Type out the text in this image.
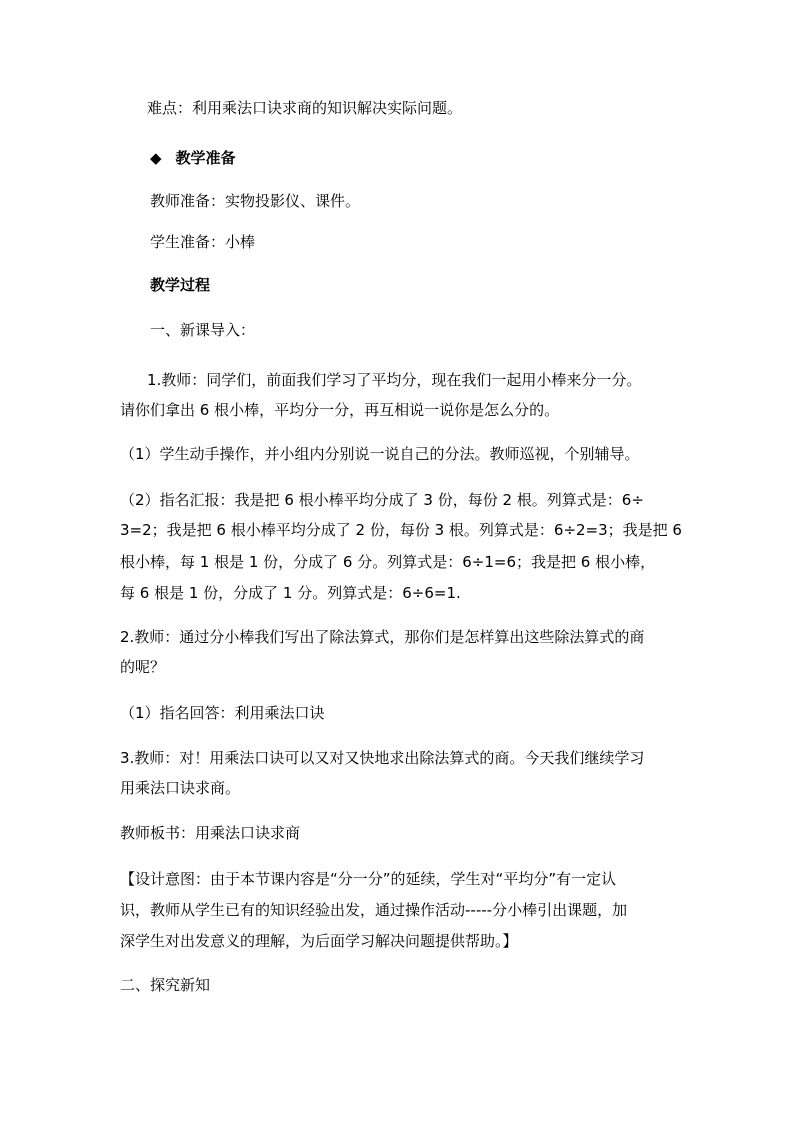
难点：利用乘法口诀求商的知识解决实际问题。
◆ 教学准备
教师准备：实物投影仪、课件。
学生准备：小棒
教学过程
一、新课导入：
1.教师：同学们，前面我们学习了平均分，现在我们一起用小棒来分一分。
请你们拿出 6 根小棒，平均分一分，再互相说一说你是怎么分的。
（1）学生动手操作，并小组内分别说一说自己的分法。教师巡视，个别辅导。
（2）指名汇报：我是把 6 根小棒平均分成了 3 份，每份 2 根。列算式是：6÷
3=2；我是把 6 根小棒平均分成了 2 份，每份 3 根。列算式是：6÷2=3；我是把 6
根小棒，每 1 根是 1 份，分成了 6 分。列算式是：6÷1=6；我是把 6 根小棒，
每 6 根是 1 份，分成了 1 分。列算式是：6÷6=1.
2.教师：通过分小棒我们写出了除法算式，那你们是怎样算出这些除法算式的商
的呢？
（1）指名回答：利用乘法口诀
3.教师：对！用乘法口诀可以又对又快地求出除法算式的商。今天我们继续学习
用乘法口诀求商。
教师板书：用乘法口诀求商
【设计意图：由于本节课内容是“分一分”的延续，学生对“平均分”有一定认
识，教师从学生已有的知识经验出发，通过操作活动-----分小棒引出课题，加
深学生对出发意义的理解，为后面学习解决问题提供帮助。】
二、探究新知
